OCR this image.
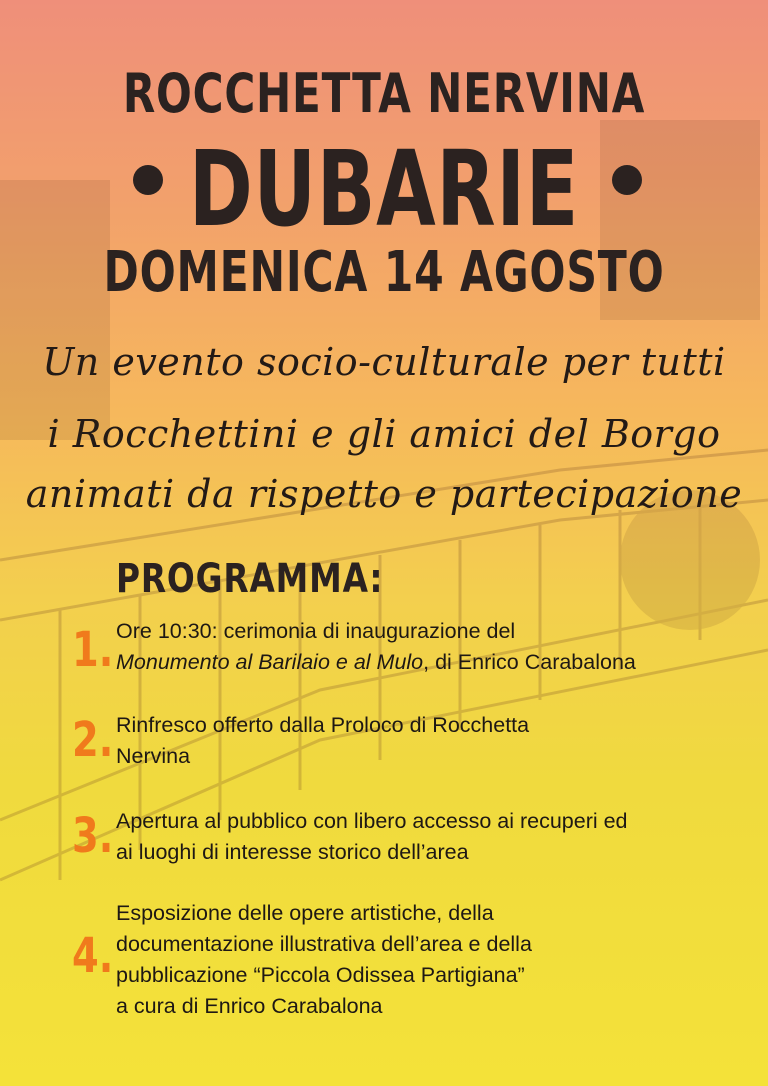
ROCCHETTA NERVINA
DUBARIE
DOMENICA 14 AGOSTO
Un evento socio-culturale per tutti
i Rocchettini e gli amici del Borgo
animati da rispetto e partecipazione
PROGRAMMA:
1. Ore 10:30: cerimonia di inaugurazione del
Monumento al Barilaio e al Mulo, di Enrico Carabalona
2. Rinfresco offerto dalla Proloco di Rocchetta
Nervina
3. Apertura al pubblico con libero accesso ai recuperi ed
ai luoghi di interesse storico dell’area
4.
Esposizione delle opere artistiche, della
documentazione illustrativa dell’area e della
pubblicazione “Piccola Odissea Partigiana”
a cura di Enrico Carabalona
